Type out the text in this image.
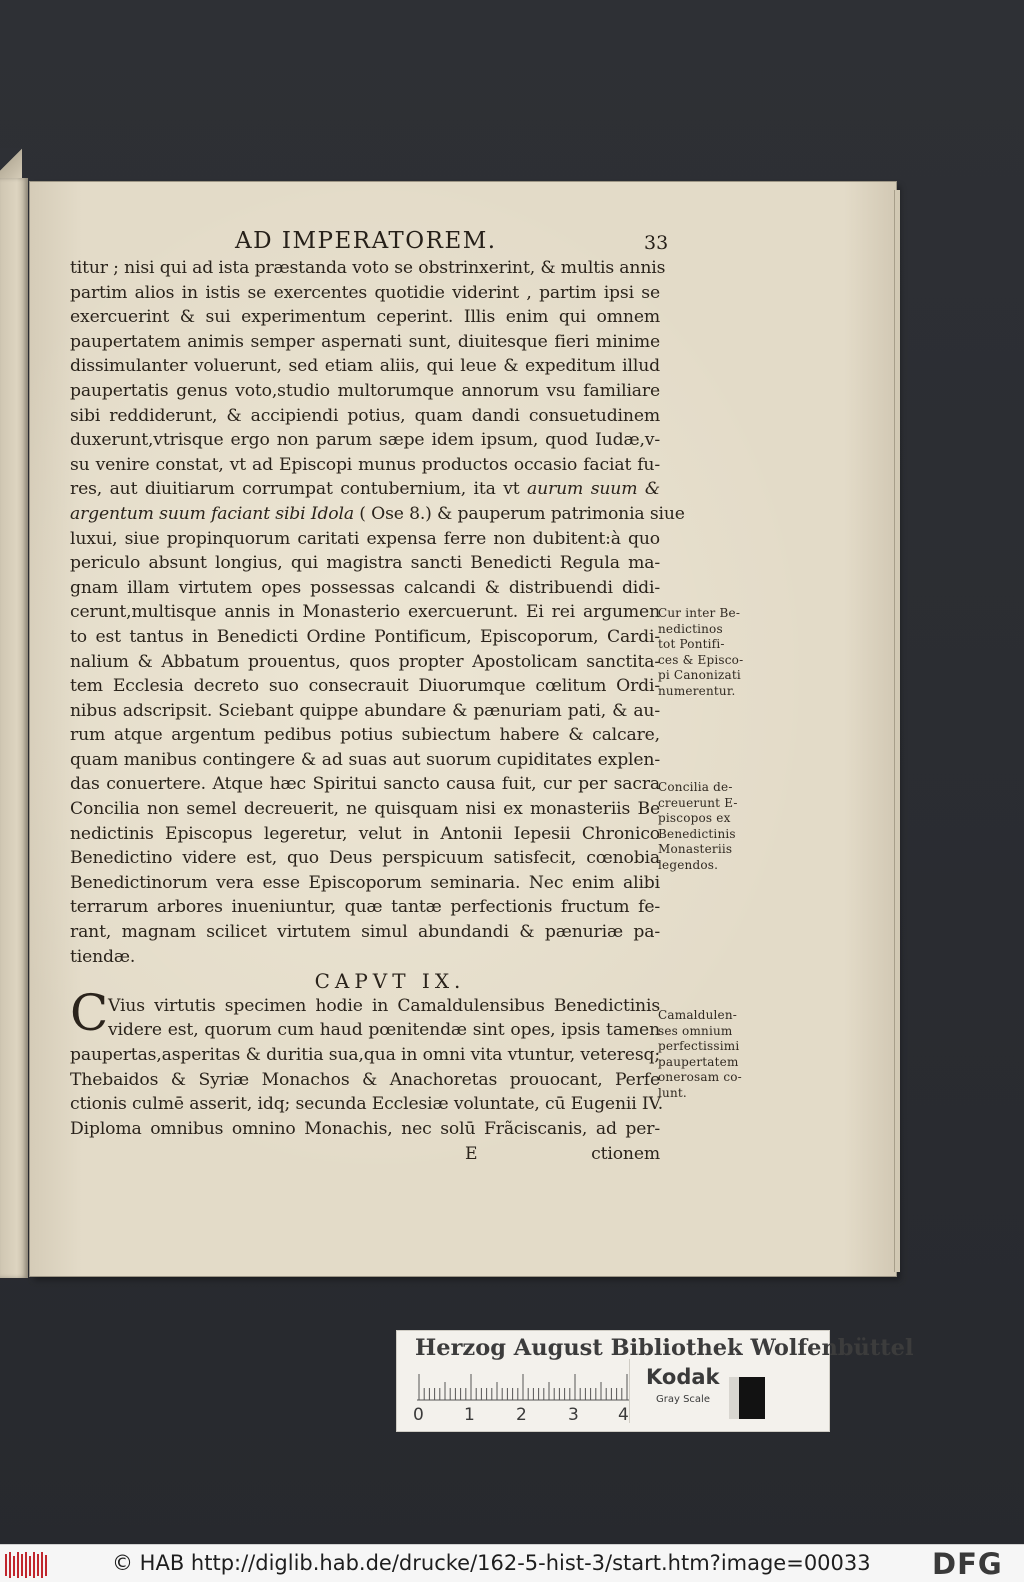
AD IMPERATOREM.	33
titur ; nisi qui ad ista præstanda voto se obstrinxerint, & multis annis
partim alios in istis se exercentes quotidie viderint , partim ipsi se
exercuerint & sui experimentum ceperint. Illis enim qui omnem
paupertatem animis semper aspernati sunt, diuitesque fieri minime
dissimulanter voluerunt, sed etiam aliis, qui leue & expeditum illud
paupertatis genus voto,studio multorumque annorum vsu familiare
sibi reddiderunt, & accipiendi potius, quam dandi consuetudinem
duxerunt,vtrisque ergo non parum sæpe idem ipsum, quod Iudæ,v-
su venire constat, vt ad Episcopi munus productos occasio faciat fu-
res, aut diuitiarum corrumpat contubernium, ita vt aurum suum &
argentum suum faciant sibi Idola ( Ose 8.) & pauperum patrimonia siue
luxui, siue propinquorum caritati expensa ferre non dubitent:à quo
periculo absunt longius, qui magistra sancti Benedicti Regula ma-
gnam illam virtutem opes possessas calcandi & distribuendi didi-
cerunt,multisque annis in Monasterio exercuerunt. Ei rei argumen
to est tantus in Benedicti Ordine Pontificum, Episcoporum, Cardi-
nalium & Abbatum prouentus, quos propter Apostolicam sanctita-
tem Ecclesia decreto suo consecrauit Diuorumque cœlitum Ordi-
nibus adscripsit. Sciebant quippe abundare & pænuriam pati, & au-
rum atque argentum pedibus potius subiectum habere & calcare,
quam manibus contingere & ad suas aut suorum cupiditates explen-
das conuertere. Atque hæc Spiritui sancto causa fuit, cur per sacra
Concilia non semel decreuerit, ne quisquam nisi ex monasteriis Be
nedictinis Episcopus legeretur, velut in Antonii Iepesii Chronico
Benedictino videre est, quo Deus perspicuum satisfecit, cœnobia
Benedictinorum vera esse Episcoporum seminaria. Nec enim alibi
terrarum arbores inueniuntur, quæ tantæ perfectionis fructum fe-
rant, magnam scilicet virtutem simul abundandi & pænuriæ pa-
tiendæ.
CAPVT IX.
C Vius virtutis specimen hodie in Camaldulensibus Benedictinis
videre est, quorum cum haud pœnitendæ sint opes, ipsis tamen
paupertas,asperitas & duritia sua,qua in omni vita vtuntur, veteresq;
Thebaidos & Syriæ Monachos & Anachoretas prouocant, Perfe
ctionis culmē asserit, idq; secunda Ecclesiæ voluntate, cū Eugenii IV.
Diploma omnibus omnino Monachis, nec solū Frãciscanis, ad per-
E	ctionem
Cur inter Be-
nedictinos
tot Pontifi-
ces & Episco-
pi Canonizati
numerentur.
Concilia de-
creuerunt E-
piscopos ex
Benedictinis
Monasteriis
legendos.
Camaldulen-
ses omnium
perfectissimi
paupertatem
onerosam co-
lunt.
Herzog August Bibliothek Wolfenbüttel
0 1 2 3 4
Kodak
Gray Scale
© HAB http://diglib.hab.de/drucke/162-5-hist-3/start.htm?image=00033 DFG
